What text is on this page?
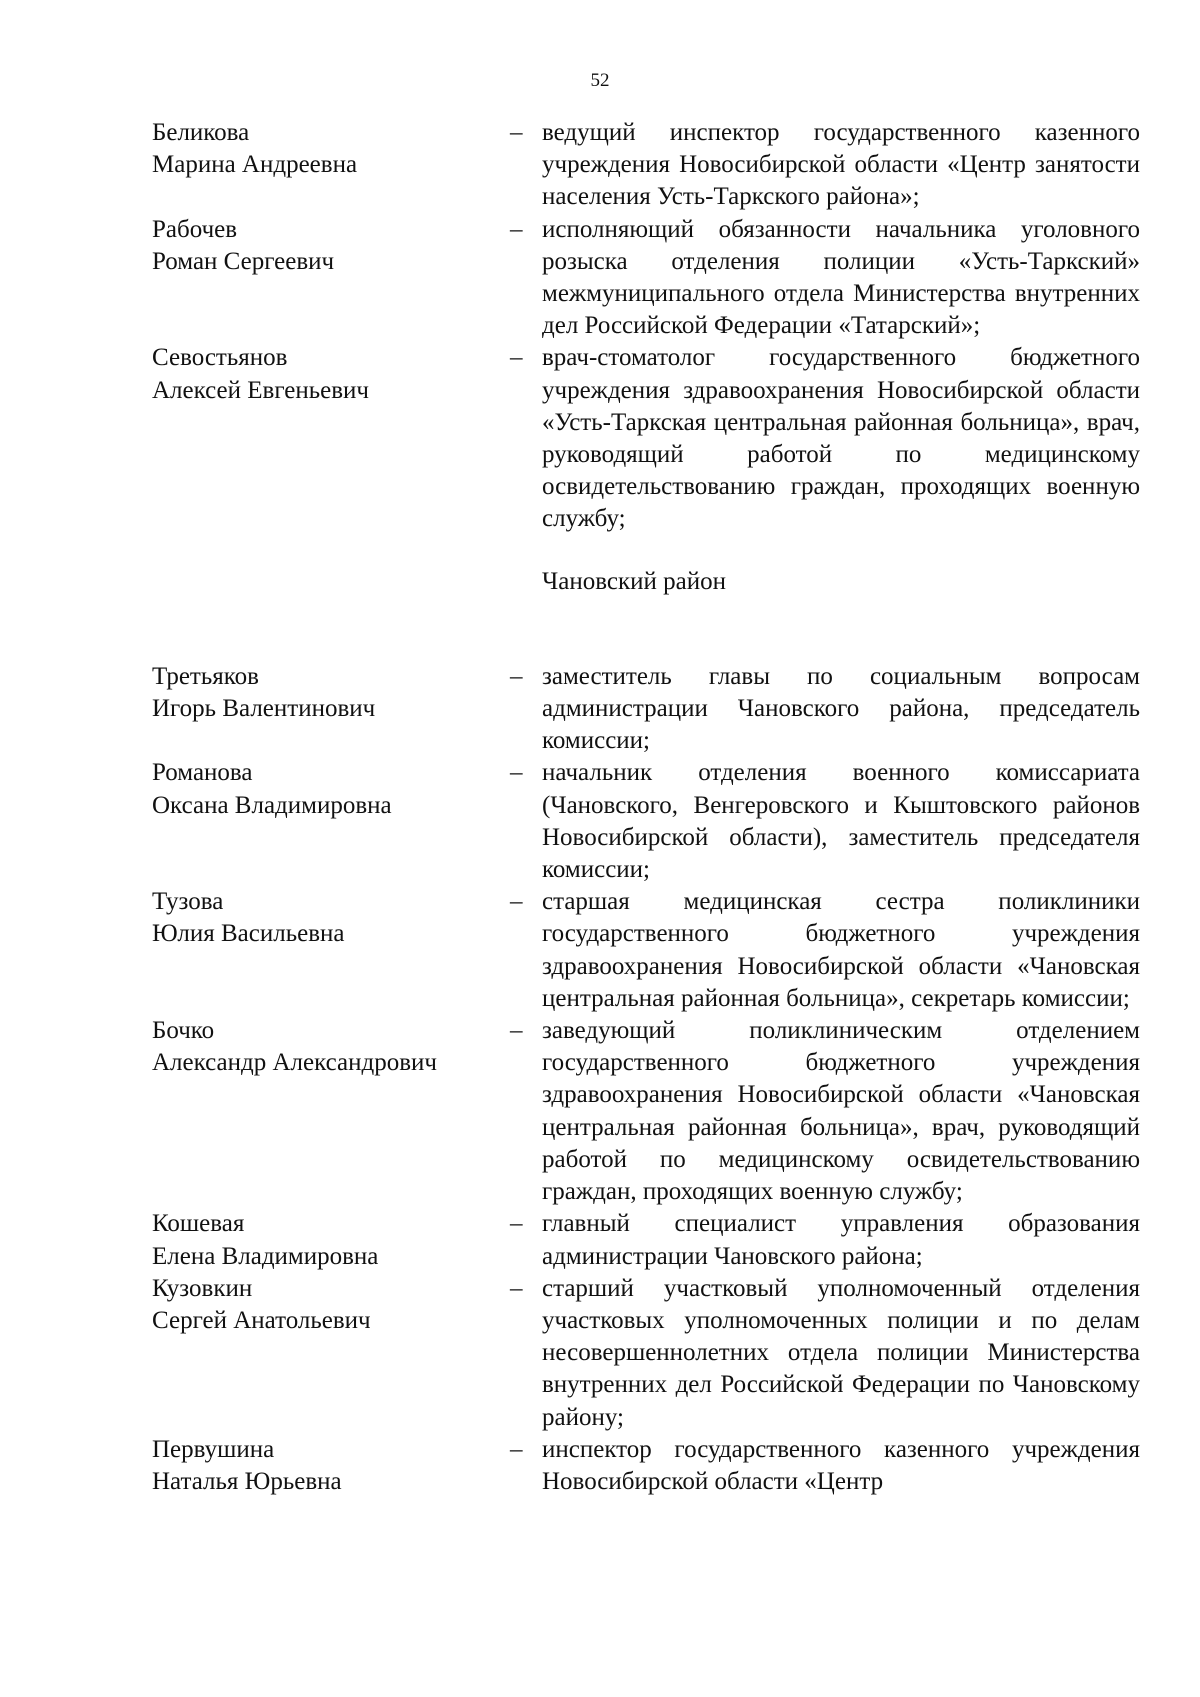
52
Беликова
Марина Андреевна
– ведущий инспектор государственного казенного учреждения Новосибирской области «Центр занятости населения Усть-Таркского района»;
Рабочев
Роман Сергеевич
– исполняющий обязанности начальника уголовного розыска отделения полиции «Усть-Таркский» межмуниципального отдела Министерства внутренних дел Российской Федерации «Татарский»;
Севостьянов
Алексей Евгеньевич
– врач-стоматолог государственного бюджетного учреждения здравоохранения Новосибирской области «Усть-Таркская центральная районная больница», врач, руководящий работой по медицинскому освидетельствованию граждан, проходящих военную службу;
Чановский район
Третьяков
Игорь Валентинович
– заместитель главы по социальным вопросам администрации Чановского района, председатель комиссии;
Романова
Оксана Владимировна
– начальник отделения военного комиссариата (Чановского, Венгеровского и Кыштовского районов Новосибирской области), заместитель председателя комиссии;
Тузова
Юлия Васильевна
– старшая медицинская сестра поликлиники государственного бюджетного учреждения здравоохранения Новосибирской области «Чановская центральная районная больница», секретарь комиссии;
Бочко
Александр Александрович
– заведующий поликлиническим отделением государственного бюджетного учреждения здравоохранения Новосибирской области «Чановская центральная районная больница», врач, руководящий работой по медицинскому освидетельствованию граждан, проходящих военную службу;
Кошевая
Елена Владимировна
– главный специалист управления образования администрации Чановского района;
Кузовкин
Сергей Анатольевич
– старший участковый уполномоченный отделения участковых уполномоченных полиции и по делам несовершеннолетних отдела полиции Министерства внутренних дел Российской Федерации по Чановскому району;
Первушина
Наталья Юрьевна
– инспектор государственного казенного учреждения Новосибирской области «Центр
